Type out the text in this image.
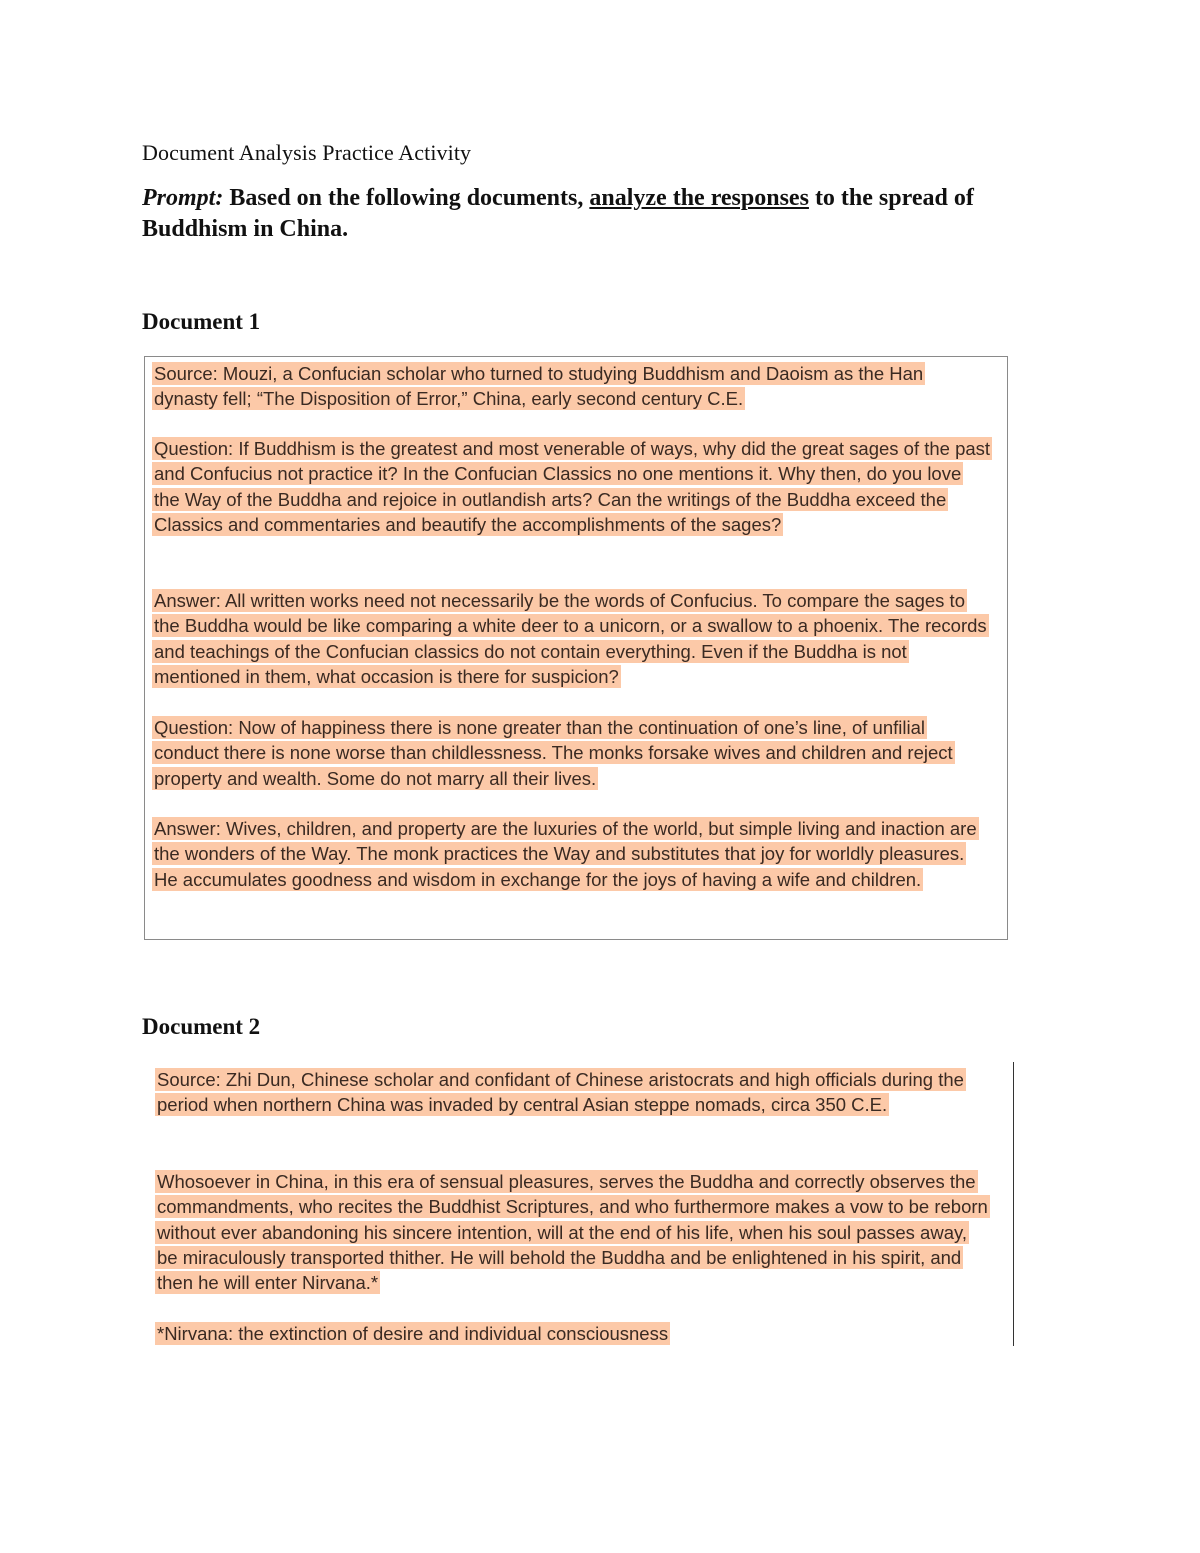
Document Analysis Practice Activity
Prompt: Based on the following documents, analyze the responses to the spread of Buddhism in China.
Document 1
Source: Mouzi, a Confucian scholar who turned to studying Buddhism and Daoism as the Han dynasty fell; “The Disposition of Error,” China, early second century C.E.
Question: If Buddhism is the greatest and most venerable of ways, why did the great sages of the past and Confucius not practice it? In the Confucian Classics no one mentions it. Why then, do you love the Way of the Buddha and rejoice in outlandish arts? Can the writings of the Buddha exceed the Classics and commentaries and beautify the accomplishments of the sages?
Answer: All written works need not necessarily be the words of Confucius. To compare the sages to the Buddha would be like comparing a white deer to a unicorn, or a swallow to a phoenix. The records and teachings of the Confucian classics do not contain everything. Even if the Buddha is not mentioned in them, what occasion is there for suspicion?
Question: Now of happiness there is none greater than the continuation of one’s line, of unfilial conduct there is none worse than childlessness. The monks forsake wives and children and reject property and wealth. Some do not marry all their lives.
Answer: Wives, children, and property are the luxuries of the world, but simple living and inaction are the wonders of the Way. The monk practices the Way and substitutes that joy for worldly pleasures. He accumulates goodness and wisdom in exchange for the joys of having a wife and children.
Document 2
Source: Zhi Dun, Chinese scholar and confidant of Chinese aristocrats and high officials during the period when northern China was invaded by central Asian steppe nomads, circa 350 C.E.
Whosoever in China, in this era of sensual pleasures, serves the Buddha and correctly observes the commandments, who recites the Buddhist Scriptures, and who furthermore makes a vow to be reborn without ever abandoning his sincere intention, will at the end of his life, when his soul passes away, be miraculously transported thither. He will behold the Buddha and be enlightened in his spirit, and then he will enter Nirvana.*
*Nirvana: the extinction of desire and individual consciousness
